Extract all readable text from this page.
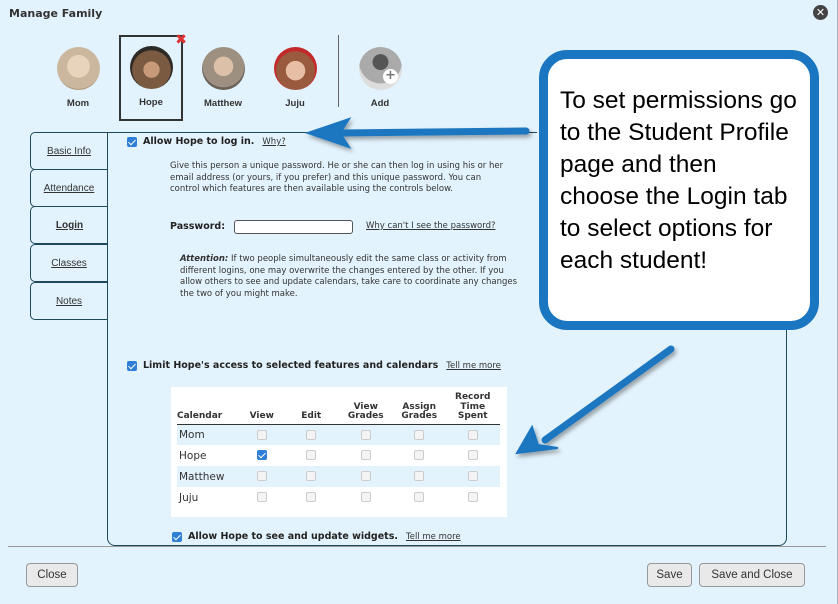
Manage Family	✕
Mom	Hope
✖
Matthew	Juju	Add
+
Basic Info
Attendance
Login
Classes
Notes
Allow Hope to log in. Why?
Give this person a unique password. He or she can then log in using his or her email address (or yours, if you prefer) and this unique password. You can control which features are then available using the controls below.
Password:	Why can't I see the password?
Attention: If two people simultaneously edit the same class or activity from different logins, one may overwrite the changes entered by the other. If you allow others to see and update calendars, take care to coordinate any changes the two of you might make.
Limit Hope's access to selected features and calendars Tell me more
Calendar	View	Edit	View Grades	Assign Grades	Record Time Spent
Mom					
Hope					
Matthew					
Juju					
Allow Hope to see and update widgets. Tell me more
Close	Save	Save and Close
To set permissions go to the Student Profile page and then choose the Login tab to select options for each student!
